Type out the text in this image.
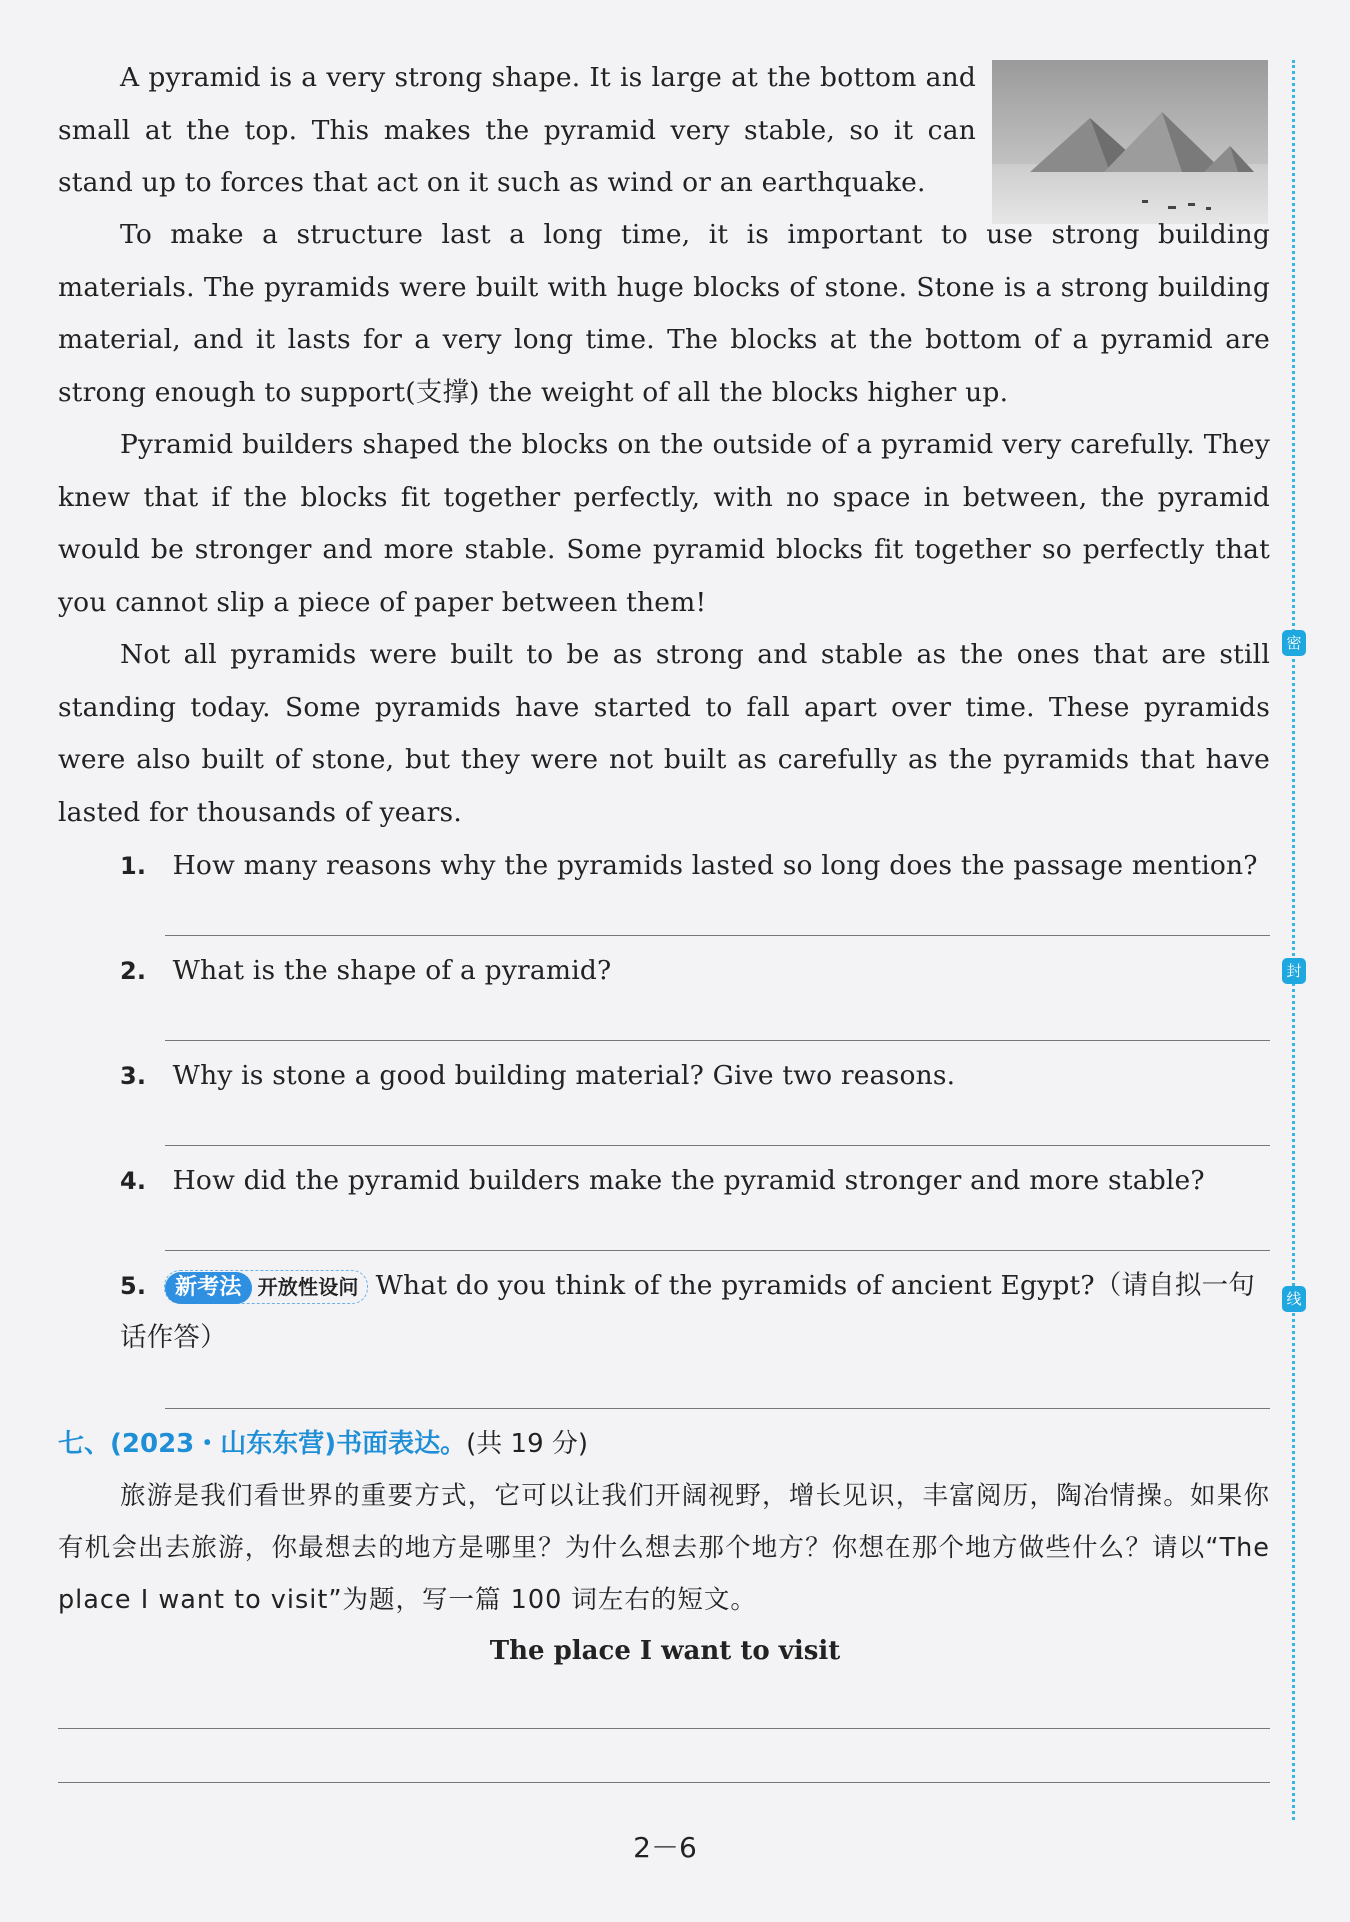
A pyramid is a very strong shape. It is large at the bottom and small at the top. This makes the pyramid very stable, so it can stand up to forces that act on it such as wind or an earthquake.

To make a structure last a long time, it is important to use strong building materials. The pyramids were built with huge blocks of stone. Stone is a strong building material, and it lasts for a very long time. The blocks at the bottom of a pyramid are strong enough to support(支撑) the weight of all the blocks higher up.

Pyramid builders shaped the blocks on the outside of a pyramid very carefully. They knew that if the blocks fit together perfectly, with no space in between, the pyramid would be stronger and more stable. Some pyramid blocks fit together so perfectly that you cannot slip a piece of paper between them!

Not all pyramids were built to be as strong and stable as the ones that are still standing today. Some pyramids have started to fall apart over time. These pyramids were also built of stone, but they were not built as carefully as the pyramids that have lasted for thousands of years.

1. How many reasons why the pyramids lasted so long does the passage mention?
2. What is the shape of a pyramid?
3. Why is stone a good building material? Give two reasons.
4. How did the pyramid builders make the pyramid stronger and more stable?
5. 新考法 开放性设问 What do you think of the pyramids of ancient Egypt?（请自拟一句话作答）
七、(2023・山东东营)书面表达。(共 19 分)

旅游是我们看世界的重要方式，它可以让我们开阔视野，增长见识，丰富阅历，陶冶情操。如果你有机会出去旅游，你最想去的地方是哪里？为什么想去那个地方？你想在那个地方做些什么？请以“The place I want to visit”为题，写一篇 100 词左右的短文。

The place I want to visit
2－6
密
封
线
